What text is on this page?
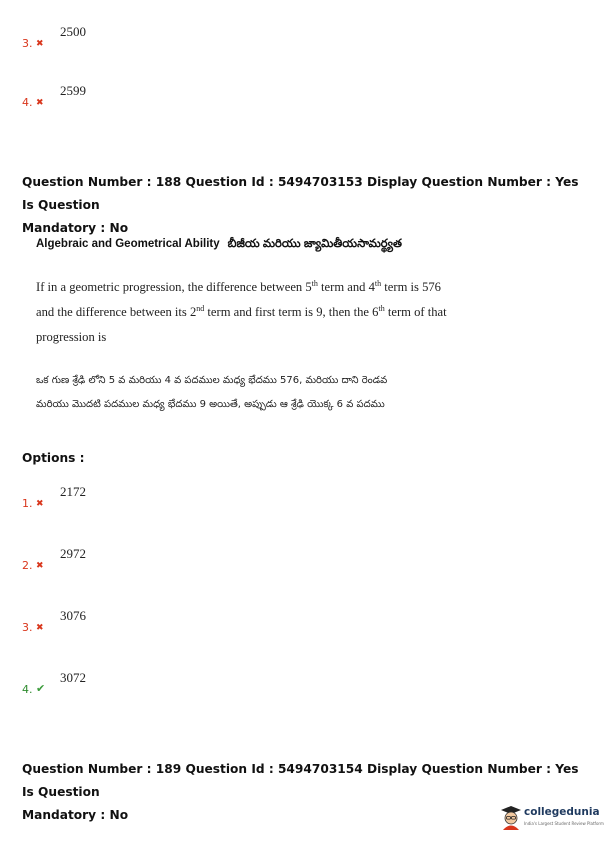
3. ✖
2500
4. ✖
2599
Question Number : 188 Question Id : 5494703153 Display Question Number : Yes Is Question
Mandatory : No
Algebraic and Geometrical Ability బీజీయ మరియు జ్యామితీయసామర్థ్యత
If in a geometric progression, the difference between 5th term and 4th term is 576
and the difference between its 2nd term and first term is 9, then the 6th term of that
progression is
ఒక గుణ శ్రేఢి లోని 5 వ మరియు 4 వ పదముల మధ్య భేదము 576, మరియు దాని రెండవ
మరియు మొదటి పదముల మధ్య భేదము 9 అయితే, అప్పుడు ఆ శ్రేఢి యొక్క 6 వ పదము
Options :
1. ✖
2172
2. ✖
2972
3. ✖
3076
4. ✔
3072
Question Number : 189 Question Id : 5494703154 Display Question Number : Yes Is Question
Mandatory : No	collegedunia
India's Largest Student Review Platform
